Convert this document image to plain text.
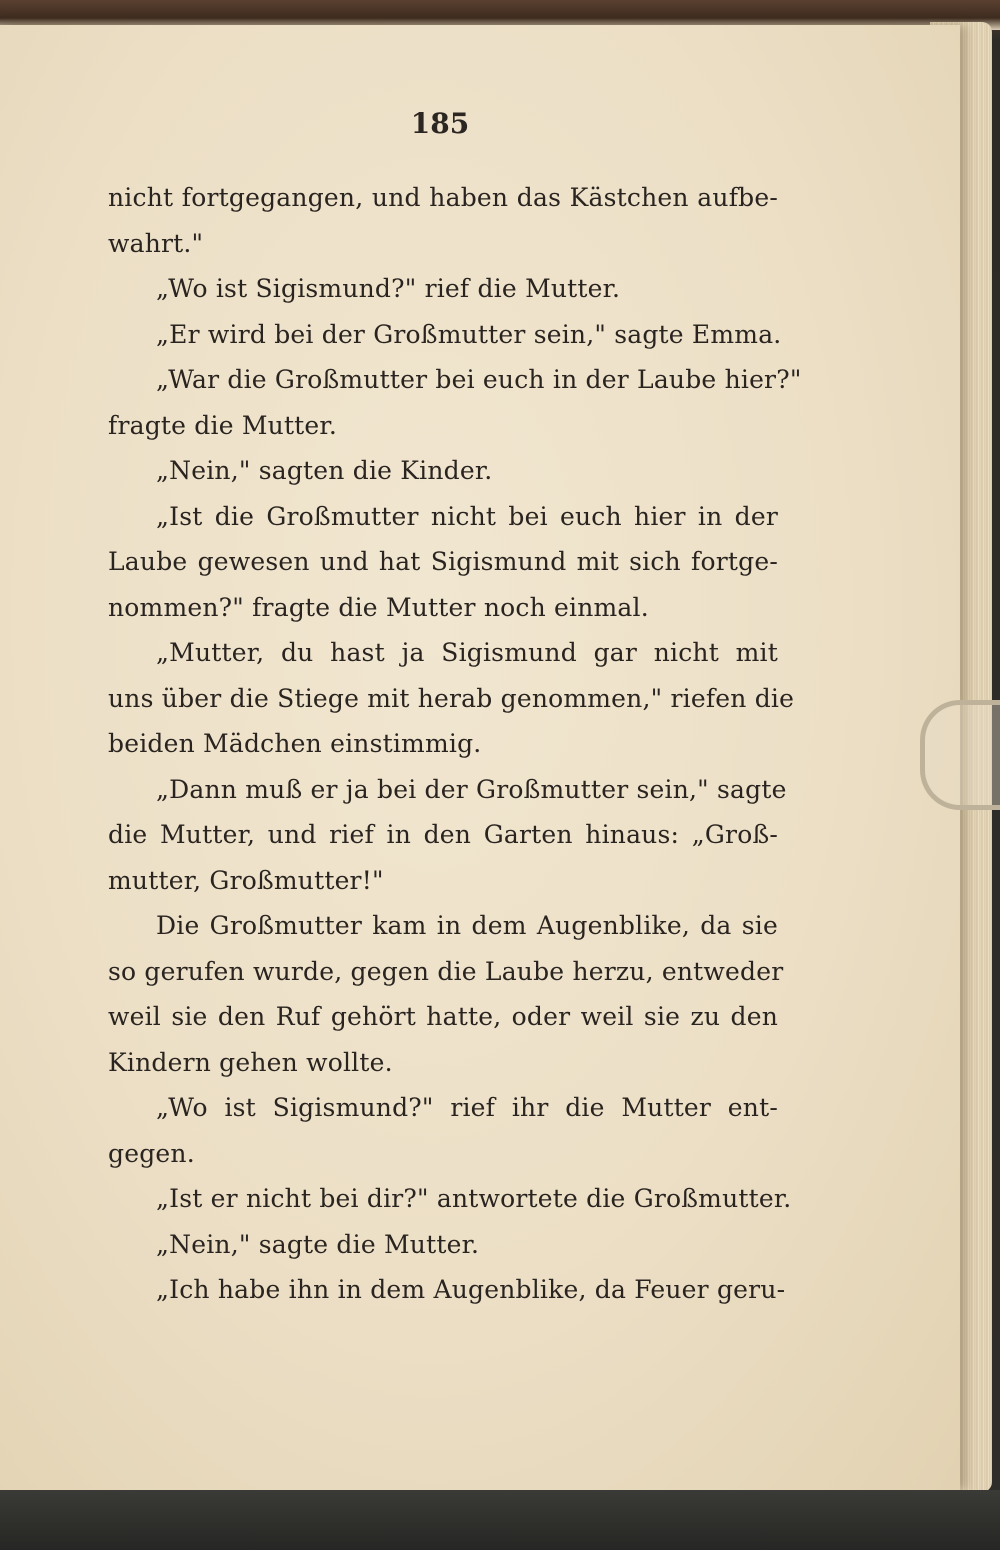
185
nicht fortgegangen, und haben das Kästchen aufbe-
wahrt."
„Wo ist Sigismund?" rief die Mutter.
„Er wird bei der Großmutter sein," sagte Emma.
„War die Großmutter bei euch in der Laube hier?"
fragte die Mutter.
„Nein," sagten die Kinder.
„Ist die Großmutter nicht bei euch hier in der
Laube gewesen und hat Sigismund mit sich fortge-
nommen?" fragte die Mutter noch einmal.
„Mutter, du hast ja Sigismund gar nicht mit
uns über die Stiege mit herab genommen," riefen die
beiden Mädchen einstimmig.
„Dann muß er ja bei der Großmutter sein," sagte
die Mutter, und rief in den Garten hinaus: „Groß-
mutter, Großmutter!"
Die Großmutter kam in dem Augenblike, da sie
so gerufen wurde, gegen die Laube herzu, entweder
weil sie den Ruf gehört hatte, oder weil sie zu den
Kindern gehen wollte.
„Wo ist Sigismund?" rief ihr die Mutter ent-
gegen.
„Ist er nicht bei dir?" antwortete die Großmutter.
„Nein," sagte die Mutter.
„Ich habe ihn in dem Augenblike, da Feuer geru-
